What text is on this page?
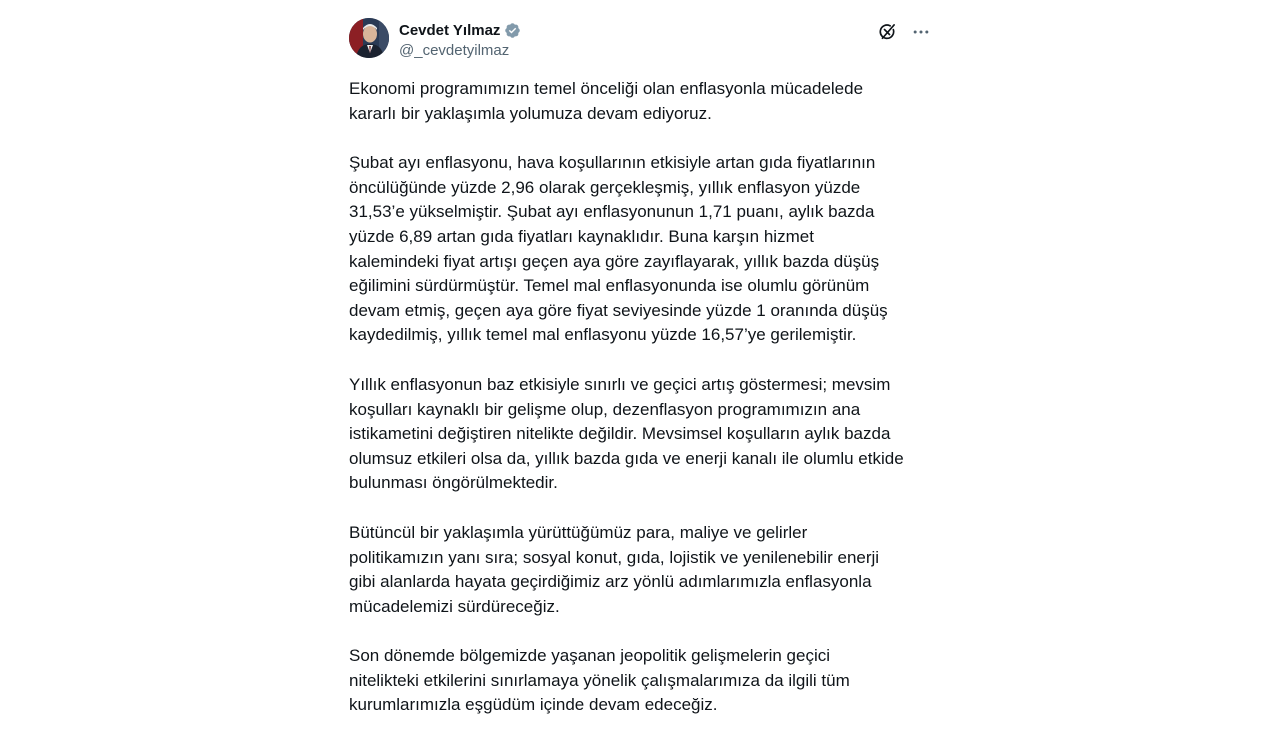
Cevdet Yılmaz
@_cevdetyilmaz

Ekonomi programımızın temel önceliği olan enflasyonla mücadelede
kararlı bir yaklaşımla yolumuza devam ediyoruz.

Şubat ayı enflasyonu, hava koşullarının etkisiyle artan gıda fiyatlarının
öncülüğünde yüzde 2,96 olarak gerçekleşmiş, yıllık enflasyon yüzde
31,53’e yükselmiştir. Şubat ayı enflasyonunun 1,71 puanı, aylık bazda
yüzde 6,89 artan gıda fiyatları kaynaklıdır. Buna karşın hizmet
kalemindeki fiyat artışı geçen aya göre zayıflayarak, yıllık bazda düşüş
eğilimini sürdürmüştür. Temel mal enflasyonunda ise olumlu görünüm
devam etmiş, geçen aya göre fiyat seviyesinde yüzde 1 oranında düşüş
kaydedilmiş, yıllık temel mal enflasyonu yüzde 16,57’ye gerilemiştir.

Yıllık enflasyonun baz etkisiyle sınırlı ve geçici artış göstermesi; mevsim
koşulları kaynaklı bir gelişme olup, dezenflasyon programımızın ana
istikametini değiştiren nitelikte değildir. Mevsimsel koşulların aylık bazda
olumsuz etkileri olsa da, yıllık bazda gıda ve enerji kanalı ile olumlu etkide
bulunması öngörülmektedir.

Bütüncül bir yaklaşımla yürüttüğümüz para, maliye ve gelirler
politikamızın yanı sıra; sosyal konut, gıda, lojistik ve yenilenebilir enerji
gibi alanlarda hayata geçirdiğimiz arz yönlü adımlarımızla enflasyonla
mücadelemizi sürdüreceğiz.

Son dönemde bölgemizde yaşanan jeopolitik gelişmelerin geçici
nitelikteki etkilerini sınırlamaya yönelik çalışmalarımıza da ilgili tüm
kurumlarımızla eşgüdüm içinde devam edeceğiz.
